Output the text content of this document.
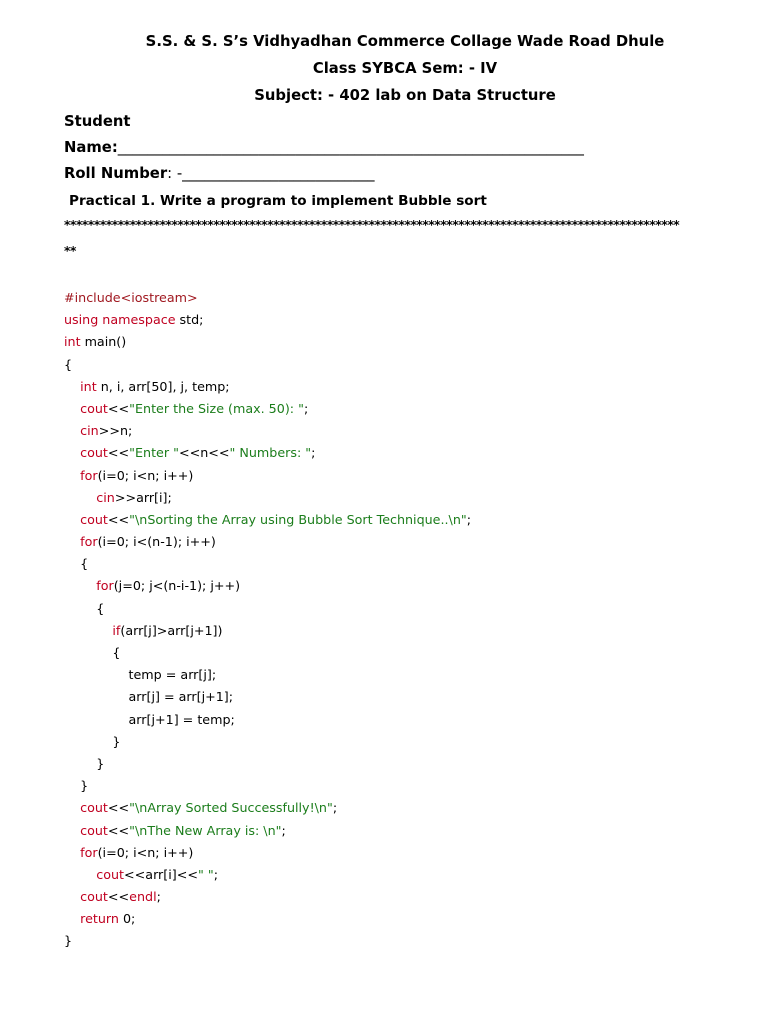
S.S. & S. S’s Vidhyadhan Commerce Collage Wade Road Dhule
Class SYBCA Sem: - IV
Subject: - 402 lab on Data Structure
Student
Name:_______________________________________________________________
Roll Number: -__________________________
Practical 1. Write a program to implement Bubble sort
*******************************************************************************************************
**
#include<iostream>
using namespace std;
int main()
{
int n, i, arr[50], j, temp;
cout<<"Enter the Size (max. 50): ";
cin>>n;
cout<<"Enter "<<n<<" Numbers: ";
for(i=0; i<n; i++)
cin>>arr[i];
cout<<"\nSorting the Array using Bubble Sort Technique..\n";
for(i=0; i<(n-1); i++)
{
for(j=0; j<(n-i-1); j++)
{
if(arr[j]>arr[j+1])
{
temp = arr[j];
arr[j] = arr[j+1];
arr[j+1] = temp;
}
}
}
cout<<"\nArray Sorted Successfully!\n";
cout<<"\nThe New Array is: \n";
for(i=0; i<n; i++)
cout<<arr[i]<<" ";
cout<<endl;
return 0;
}
